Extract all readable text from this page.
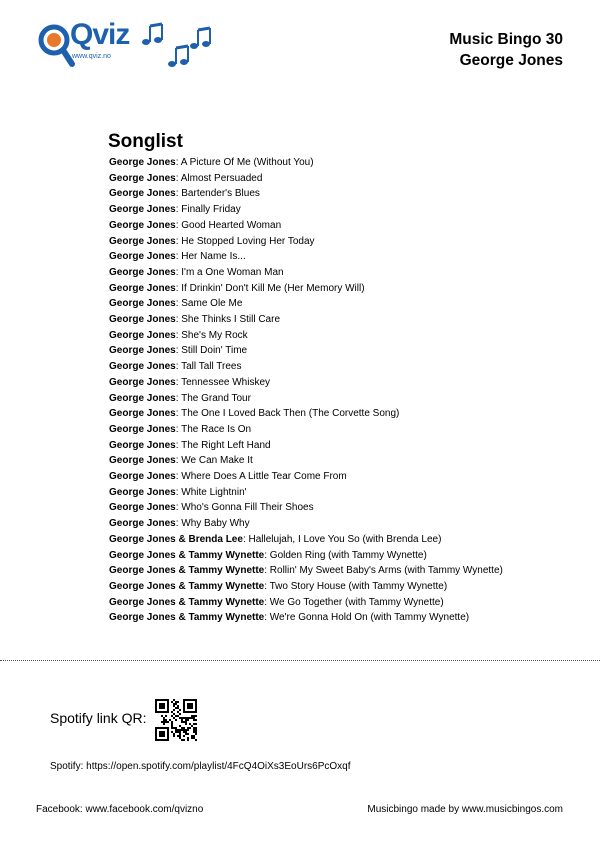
Qviz
www.qviz.no
Music Bingo 30
George Jones
Songlist
George Jones: A Picture Of Me (Without You)
George Jones: Almost Persuaded
George Jones: Bartender's Blues
George Jones: Finally Friday
George Jones: Good Hearted Woman
George Jones: He Stopped Loving Her Today
George Jones: Her Name Is...
George Jones: I'm a One Woman Man
George Jones: If Drinkin' Don't Kill Me (Her Memory Will)
George Jones: Same Ole Me
George Jones: She Thinks I Still Care
George Jones: She's My Rock
George Jones: Still Doin' Time
George Jones: Tall Tall Trees
George Jones: Tennessee Whiskey
George Jones: The Grand Tour
George Jones: The One I Loved Back Then (The Corvette Song)
George Jones: The Race Is On
George Jones: The Right Left Hand
George Jones: We Can Make It
George Jones: Where Does A Little Tear Come From
George Jones: White Lightnin'
George Jones: Who's Gonna Fill Their Shoes
George Jones: Why Baby Why
George Jones & Brenda Lee: Hallelujah, I Love You So (with Brenda Lee)
George Jones & Tammy Wynette: Golden Ring (with Tammy Wynette)
George Jones & Tammy Wynette: Rollin' My Sweet Baby's Arms (with Tammy Wynette)
George Jones & Tammy Wynette: Two Story House (with Tammy Wynette)
George Jones & Tammy Wynette: We Go Together (with Tammy Wynette)
George Jones & Tammy Wynette: We're Gonna Hold On (with Tammy Wynette)
Spotify link QR:
Spotify: https://open.spotify.com/playlist/4FcQ4OiXs3EoUrs6PcOxqf
Facebook: www.facebook.com/qvizno	Musicbingo made by www.musicbingos.com
